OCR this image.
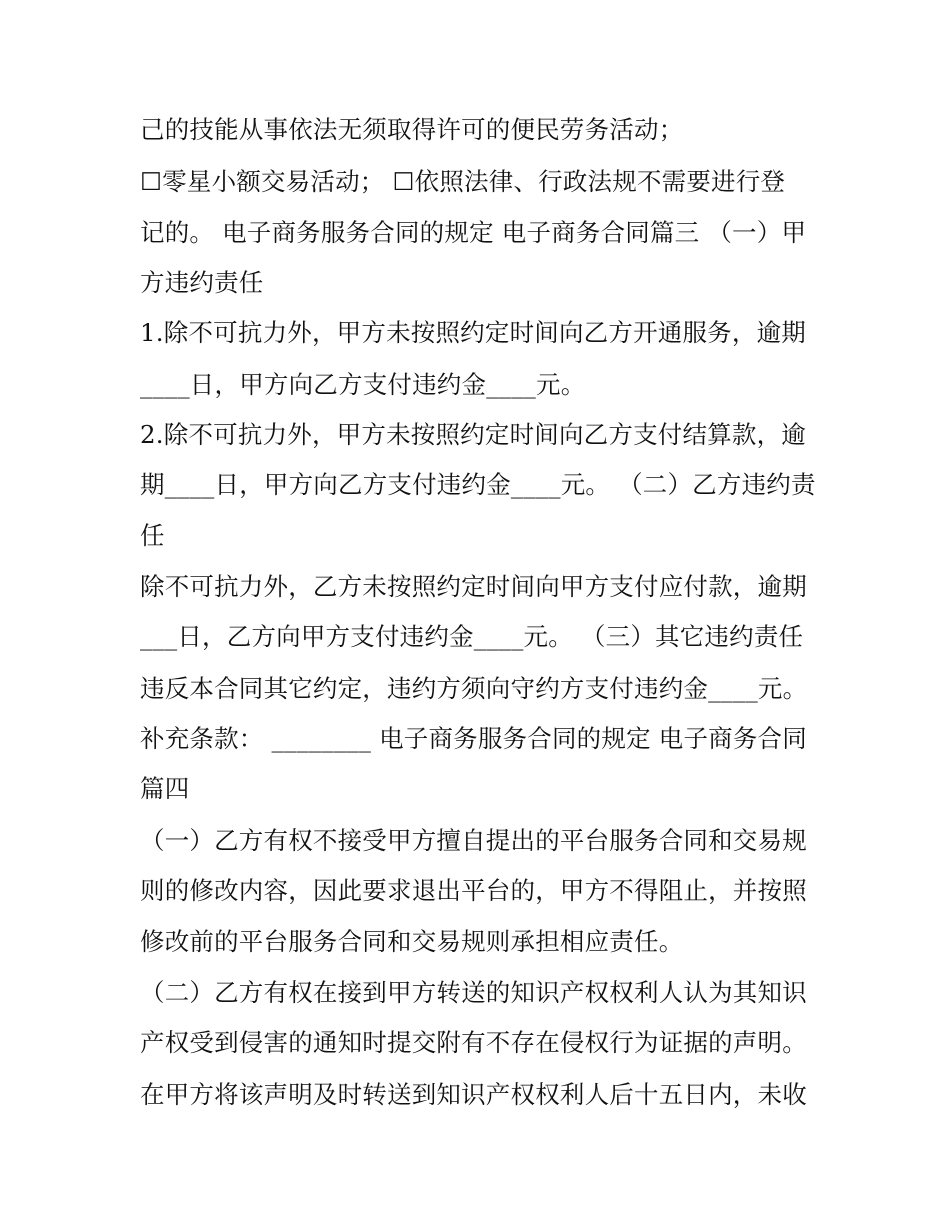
己的技能从事依法无须取得许可的便民劳务活动；
☐零星小额交易活动； ☐依照法律、行政法规不需要进行登
记的。 电子商务服务合同的规定 电子商务合同篇三 （一）甲
方违约责任
1.除不可抗力外，甲方未按照约定时间向乙方开通服务，逾期
____日，甲方向乙方支付违约金____元。
2.除不可抗力外，甲方未按照约定时间向乙方支付结算款，逾
期____日，甲方向乙方支付违约金____元。 （二）乙方违约责
任
除不可抗力外，乙方未按照约定时间向甲方支付应付款，逾期
___日，乙方向甲方支付违约金____元。 （三）其它违约责任
违反本合同其它约定，违约方须向守约方支付违约金____元。
补充条款： ________ 电子商务服务合同的规定 电子商务合同
篇四
（一）乙方有权不接受甲方擅自提出的平台服务合同和交易规
则的修改内容，因此要求退出平台的，甲方不得阻止，并按照
修改前的平台服务合同和交易规则承担相应责任。
（二）乙方有权在接到甲方转送的知识产权权利人认为其知识
产权受到侵害的通知时提交附有不存在侵权行为证据的声明。
在甲方将该声明及时转送到知识产权权利人后十五日内，未收
